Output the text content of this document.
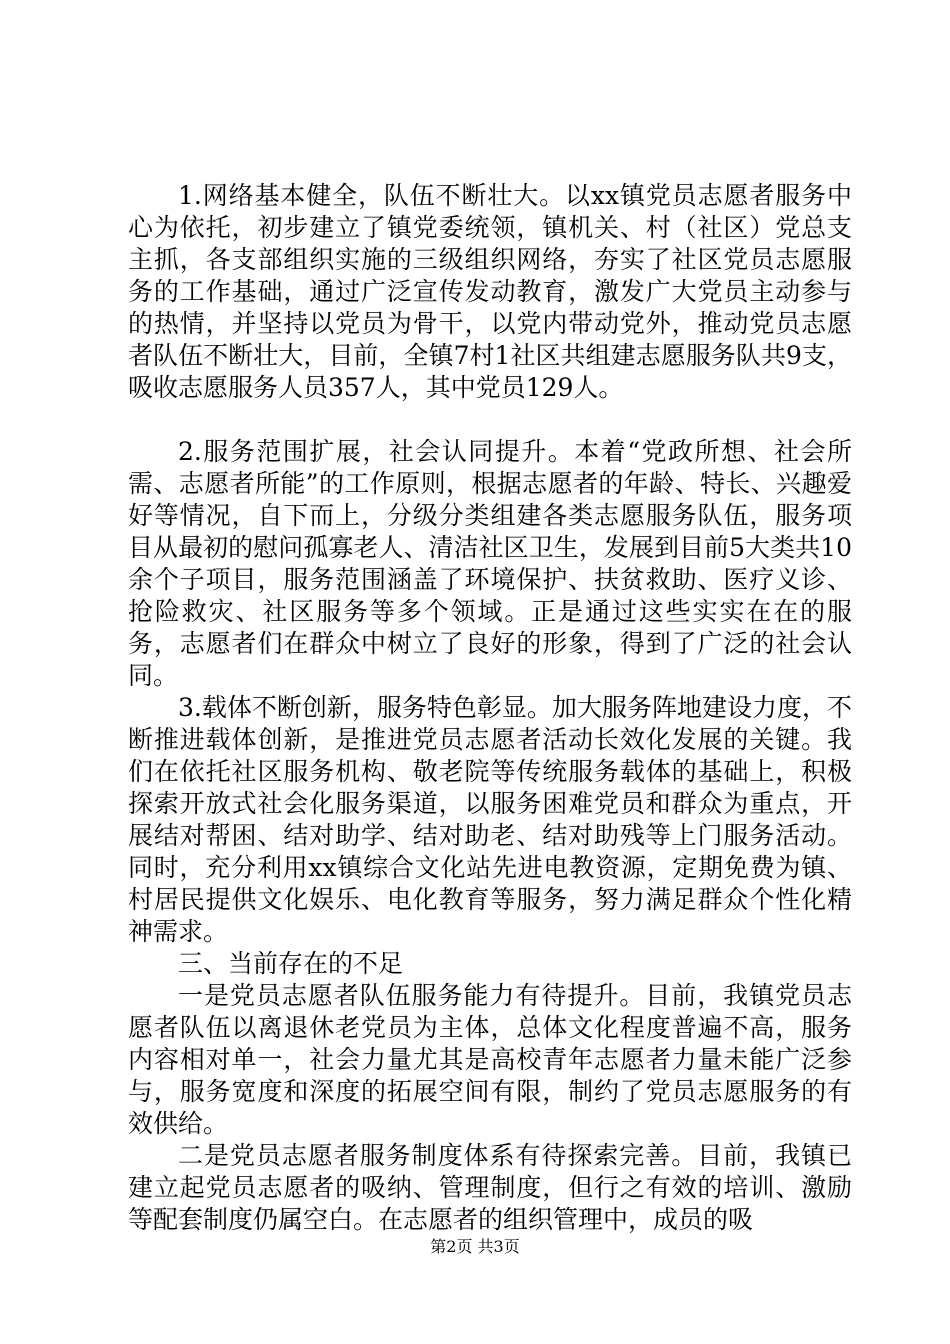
1.网络基本健全，队伍不断壮大。以xx镇党员志愿者服务中心为依托，初步建立了镇党委统领，镇机关、村（社区）党总支主抓，各支部组织实施的三级组织网络，夯实了社区党员志愿服务的工作基础，通过广泛宣传发动教育，激发广大党员主动参与的热情，并坚持以党员为骨干，以党内带动党外，推动党员志愿者队伍不断壮大，目前，全镇7村1社区共组建志愿服务队共9支，吸收志愿服务人员357人，其中党员129人。

2.服务范围扩展，社会认同提升。本着“党政所想、社会所需、志愿者所能”的工作原则，根据志愿者的年龄、特长、兴趣爱好等情况，自下而上，分级分类组建各类志愿服务队伍，服务项目从最初的慰问孤寡老人、清洁社区卫生，发展到目前5大类共10余个子项目，服务范围涵盖了环境保护、扶贫救助、医疗义诊、抢险救灾、社区服务等多个领域。正是通过这些实实在在的服务，志愿者们在群众中树立了良好的形象，得到了广泛的社会认同。

3.载体不断创新，服务特色彰显。加大服务阵地建设力度，不断推进载体创新，是推进党员志愿者活动长效化发展的关键。我们在依托社区服务机构、敬老院等传统服务载体的基础上，积极探索开放式社会化服务渠道，以服务困难党员和群众为重点，开展结对帮困、结对助学、结对助老、结对助残等上门服务活动。同时，充分利用xx镇综合文化站先进电教资源，定期免费为镇、村居民提供文化娱乐、电化教育等服务，努力满足群众个性化精神需求。

三、当前存在的不足

一是党员志愿者队伍服务能力有待提升。目前，我镇党员志愿者队伍以离退休老党员为主体，总体文化程度普遍不高，服务内容相对单一，社会力量尤其是高校青年志愿者力量未能广泛参与，服务宽度和深度的拓展空间有限，制约了党员志愿服务的有效供给。

二是党员志愿者服务制度体系有待探索完善。目前，我镇已建立起党员志愿者的吸纳、管理制度，但行之有效的培训、激励等配套制度仍属空白。在志愿者的组织管理中，成员的吸

第2页 共3页
